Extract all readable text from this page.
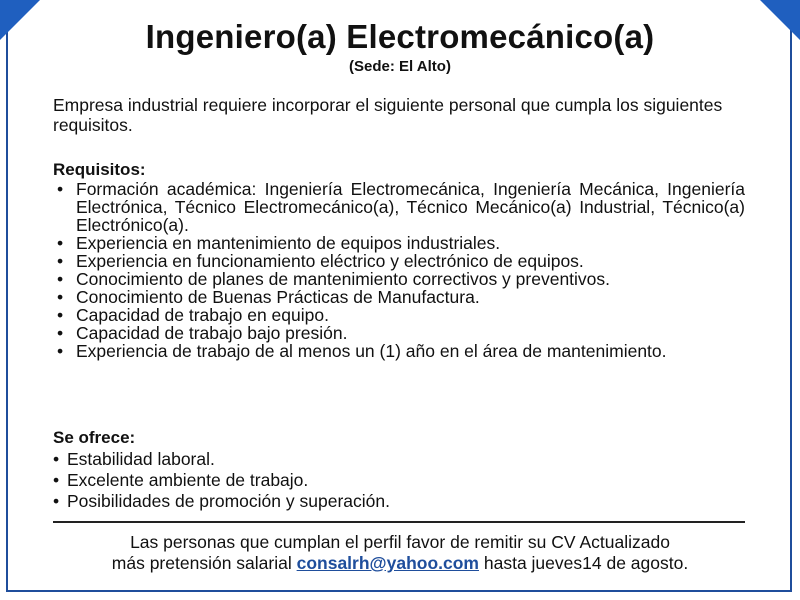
Ingeniero(a) Electromecánico(a)
(Sede: El Alto)
Empresa industrial requiere incorporar el siguiente personal que cumpla los siguientes requisitos.
Requisitos:
• Formación académica: Ingeniería Electromecánica, Ingeniería Mecánica, Ingeniería Electrónica, Técnico Electromecánico(a), Técnico Mecánico(a) Industrial, Técnico(a) Electrónico(a).
• Experiencia en mantenimiento de equipos industriales.
• Experiencia en funcionamiento eléctrico y electrónico de equipos.
• Conocimiento de planes de mantenimiento correctivos y preventivos.
• Conocimiento de Buenas Prácticas de Manufactura.
• Capacidad de trabajo en equipo.
• Capacidad de trabajo bajo presión.
• Experiencia de trabajo de al menos un (1) año en el área de mantenimiento.
Se ofrece:
• Estabilidad laboral.
• Excelente ambiente de trabajo.
• Posibilidades de promoción y superación.
Las personas que cumplan el perfil favor de remitir su CV Actualizado
más pretensión salarial consalrh@yahoo.com hasta jueves14 de agosto.
